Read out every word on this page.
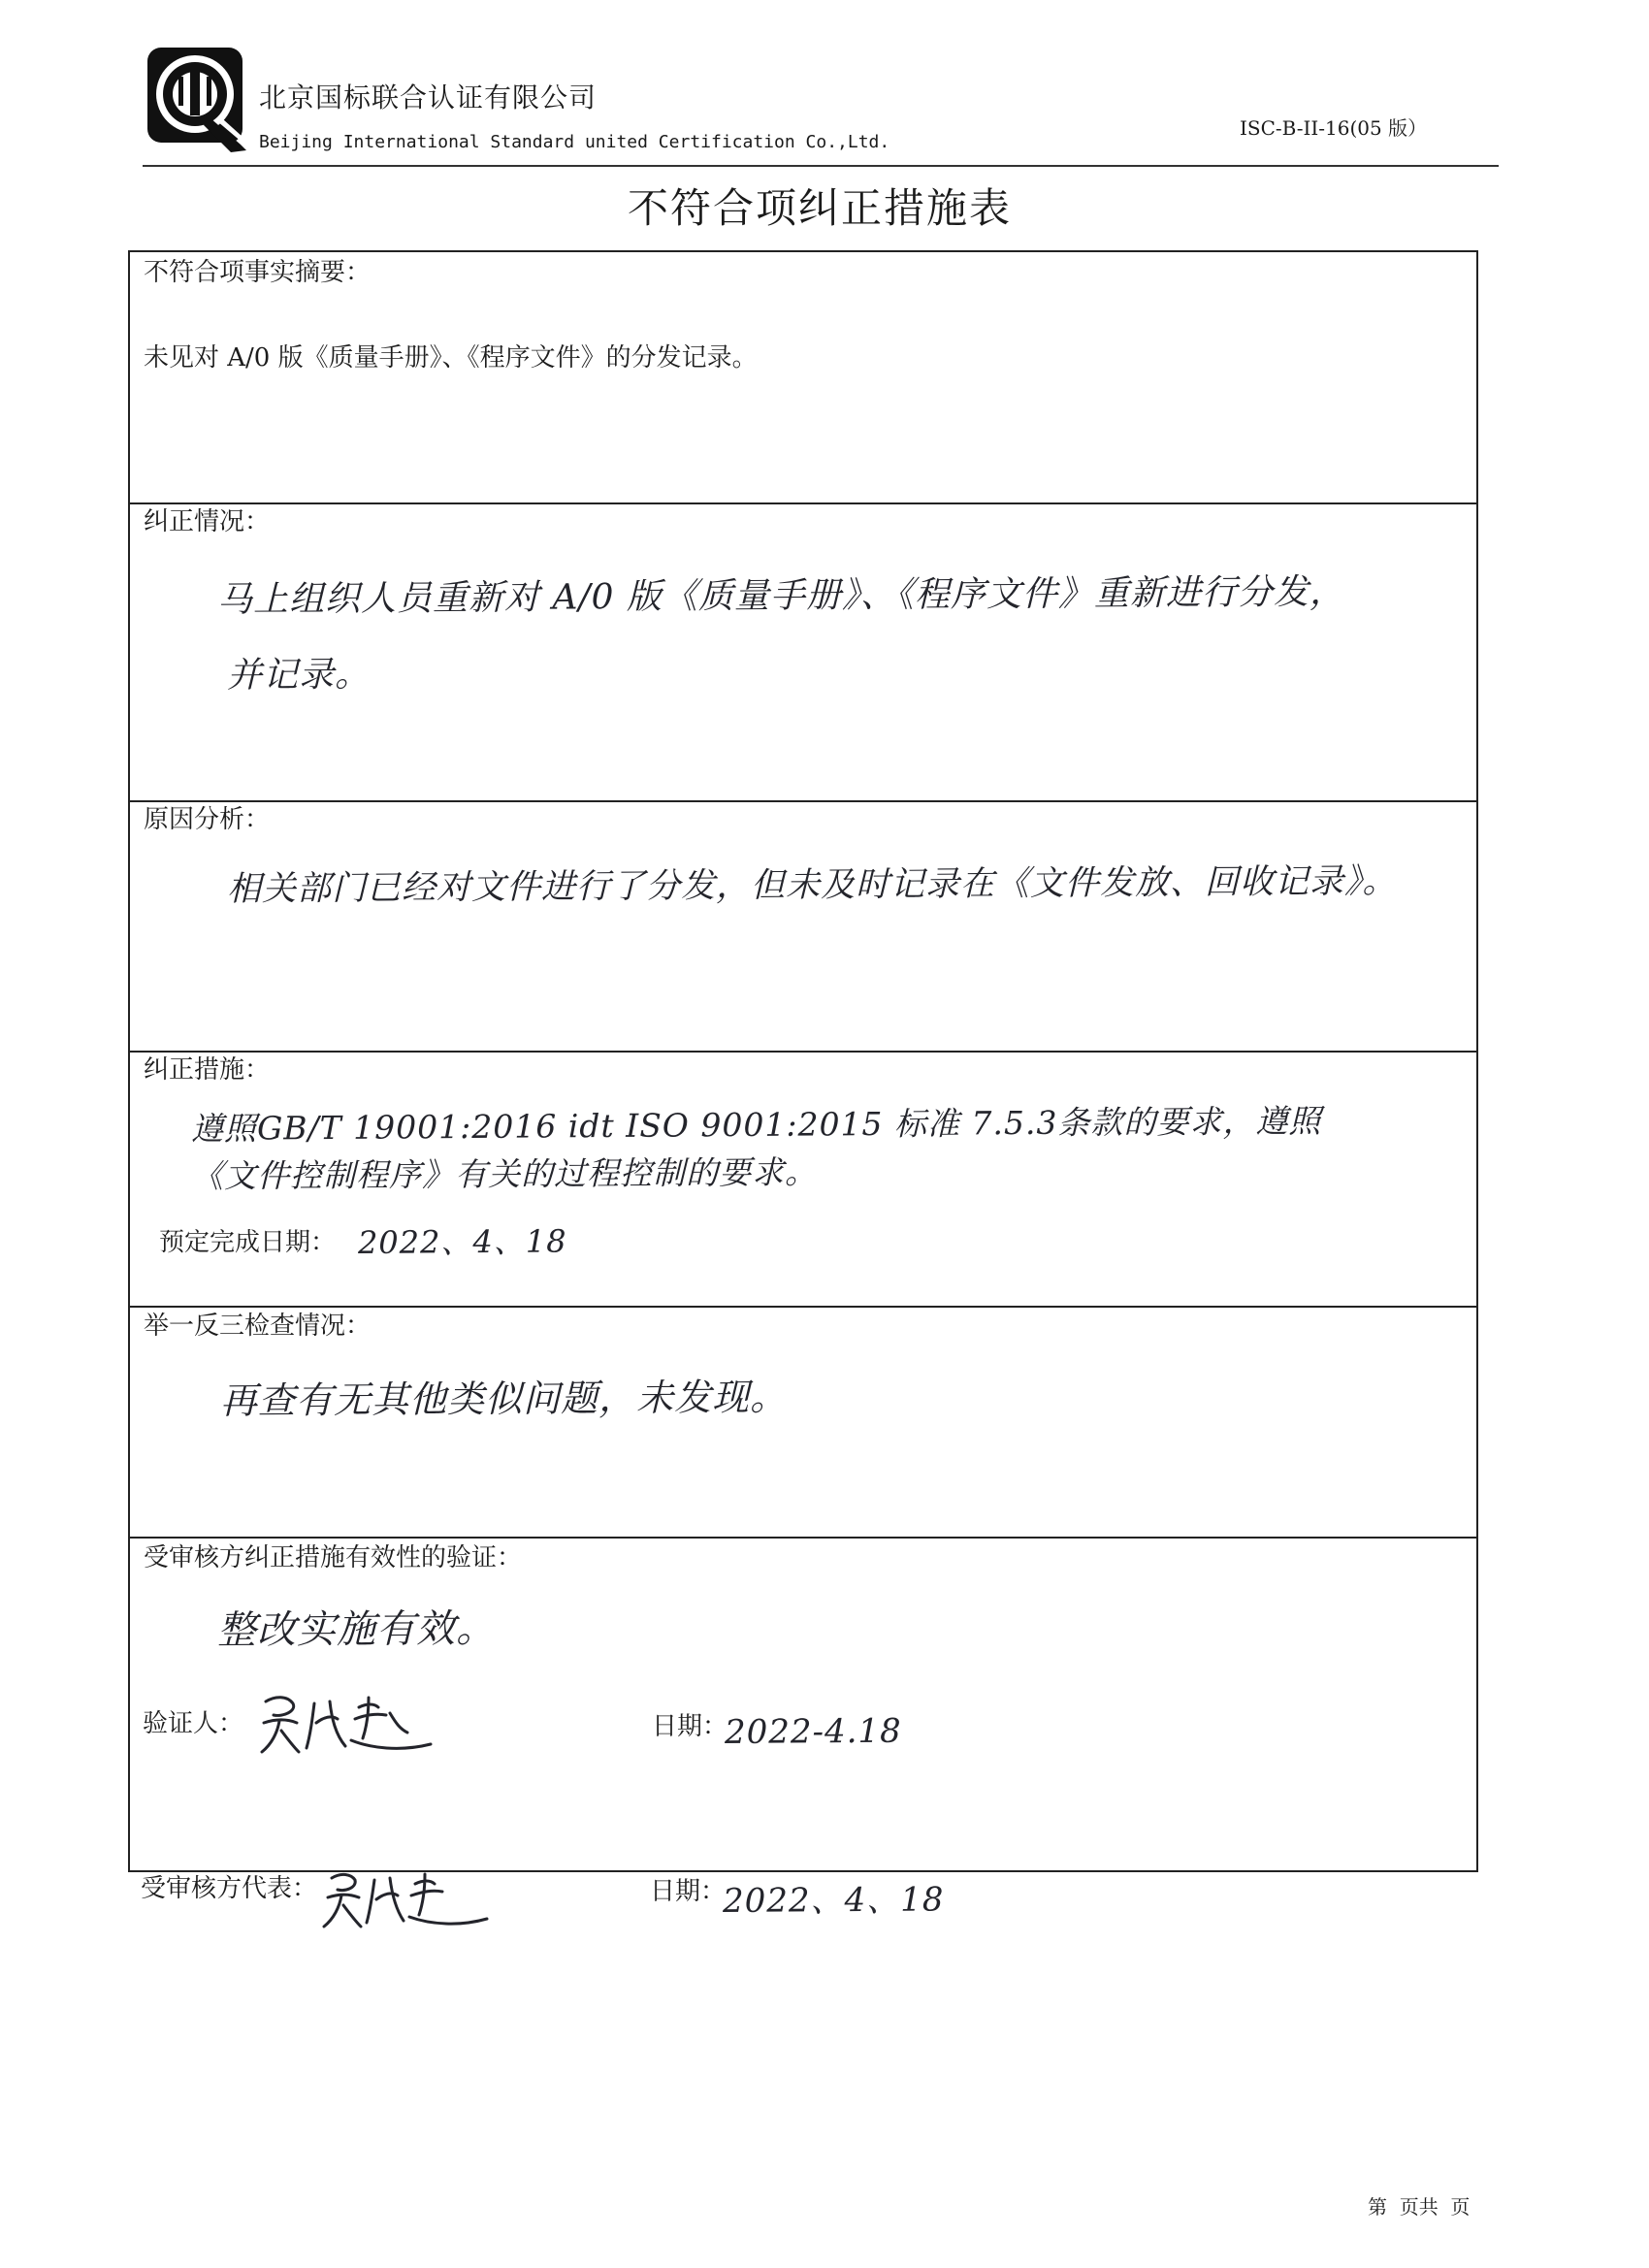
北京国标联合认证有限公司
Beijing International Standard united Certification Co.,Ltd.
ISC-B-II-16(05 版）
不符合项纠正措施表
不符合项事实摘要：
未见对 A/0 版《质量手册》、《程序文件》的分发记录。
纠正情况：
马上组织人员重新对 A/0 版《质量手册》、《程序文件》重新进行分发，
并记录。
原因分析：
相关部门已经对文件进行了分发，但未及时记录在《文件发放、回收记录》。
纠正措施：
遵照GB/T 19001:2016 idt ISO 9001:2015 标准 7.5.3条款的要求，遵照
《文件控制程序》有关的过程控制的要求。
预定完成日期： 2022、4、18
举一反三检查情况：
再查有无其他类似问题，未发现。
受审核方纠正措施有效性的验证：
整改实施有效。
验证人：	日期：
2022-4.18
受审核方代表：	日期：
2022、4、18
第  页共  页
